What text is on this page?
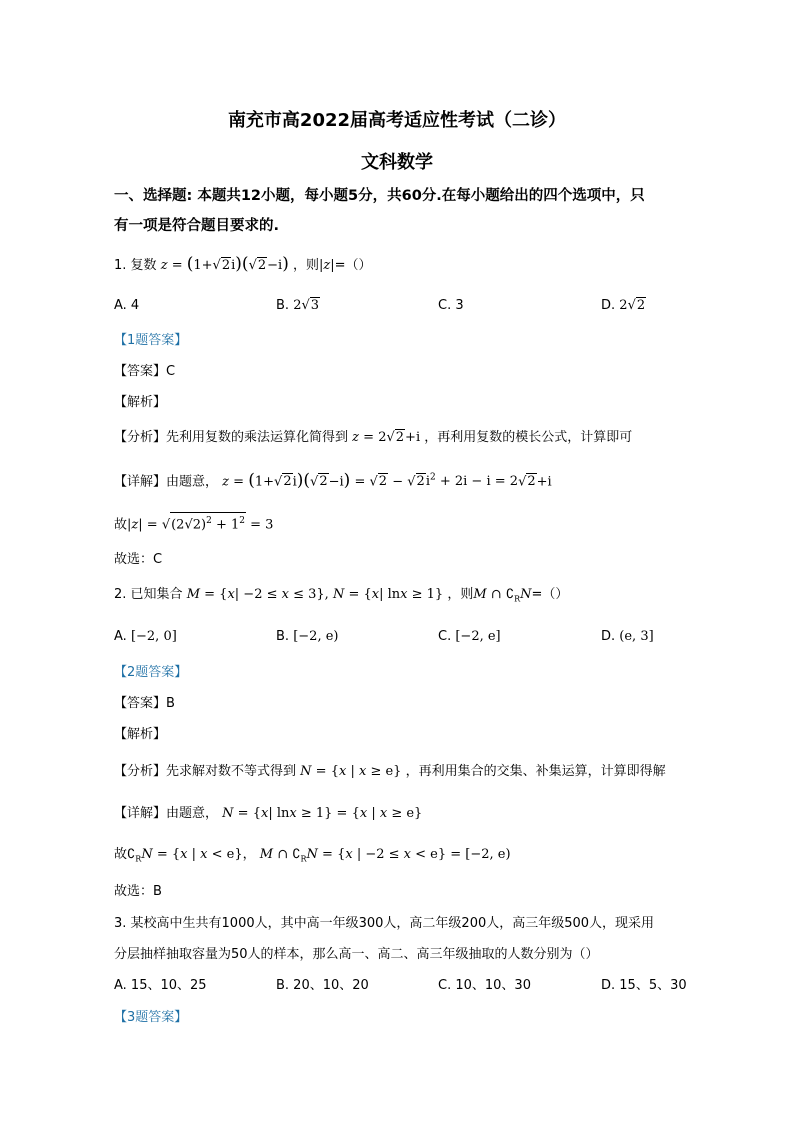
南充市高2022届高考适应性考试（二诊）
文科数学
一、选择题: 本题共12小题，每小题5分，共60分.在每小题给出的四个选项中，只
有一项是符合题目要求的.
1. 复数 z = (1+√2i)(√2−i) ，则|z|=（）
A. 4	B. 2√3	C. 3	D. 2√2
【1题答案】
【答案】C
【解析】
【分析】先利用复数的乘法运算化简得到 z = 2√2+i ，再利用复数的模长公式，计算即可
【详解】由题意， $z = (1+√2i)(√2-i) = √2 - √2i^2 + 2i - i = 2√2+i$
故$|z| = √(2√2)^2 + 1^2 = 3$
故选：C
2. 已知集合 M = {x| −2 ≤ x ≤ 3}, N = {x| lnx ≥ 1} ，则M ∩ $∁_RN=()$
A. [−2, 0]	B. [−2, e)	C. [−2, e]	D. (e, 3]
【2题答案】
【答案】B
【解析】
【分析】先求解对数不等式得到 N = {x | x ≥ e} ，再利用集合的交集、补集运算，计算即得解
【详解】由题意， N = {x| lnx ≥ 1} = {x | x ≥ e}
故$∁_RN = \{x$ | x < e}， M ∩ $∁_RN = \{x$ | −2 ≤ x < e} = [−2, e)
故选：B
3. 某校高中生共有1000人，其中高一年级300人，高二年级200人，高三年级500人，现采用
分层抽样抽取容量为50人的样本，那么高一、高二、高三年级抽取的人数分别为（）
A. 15、10、25	B. 20、10、20	C. 10、10、30	D. 15、5、30
【3题答案】
